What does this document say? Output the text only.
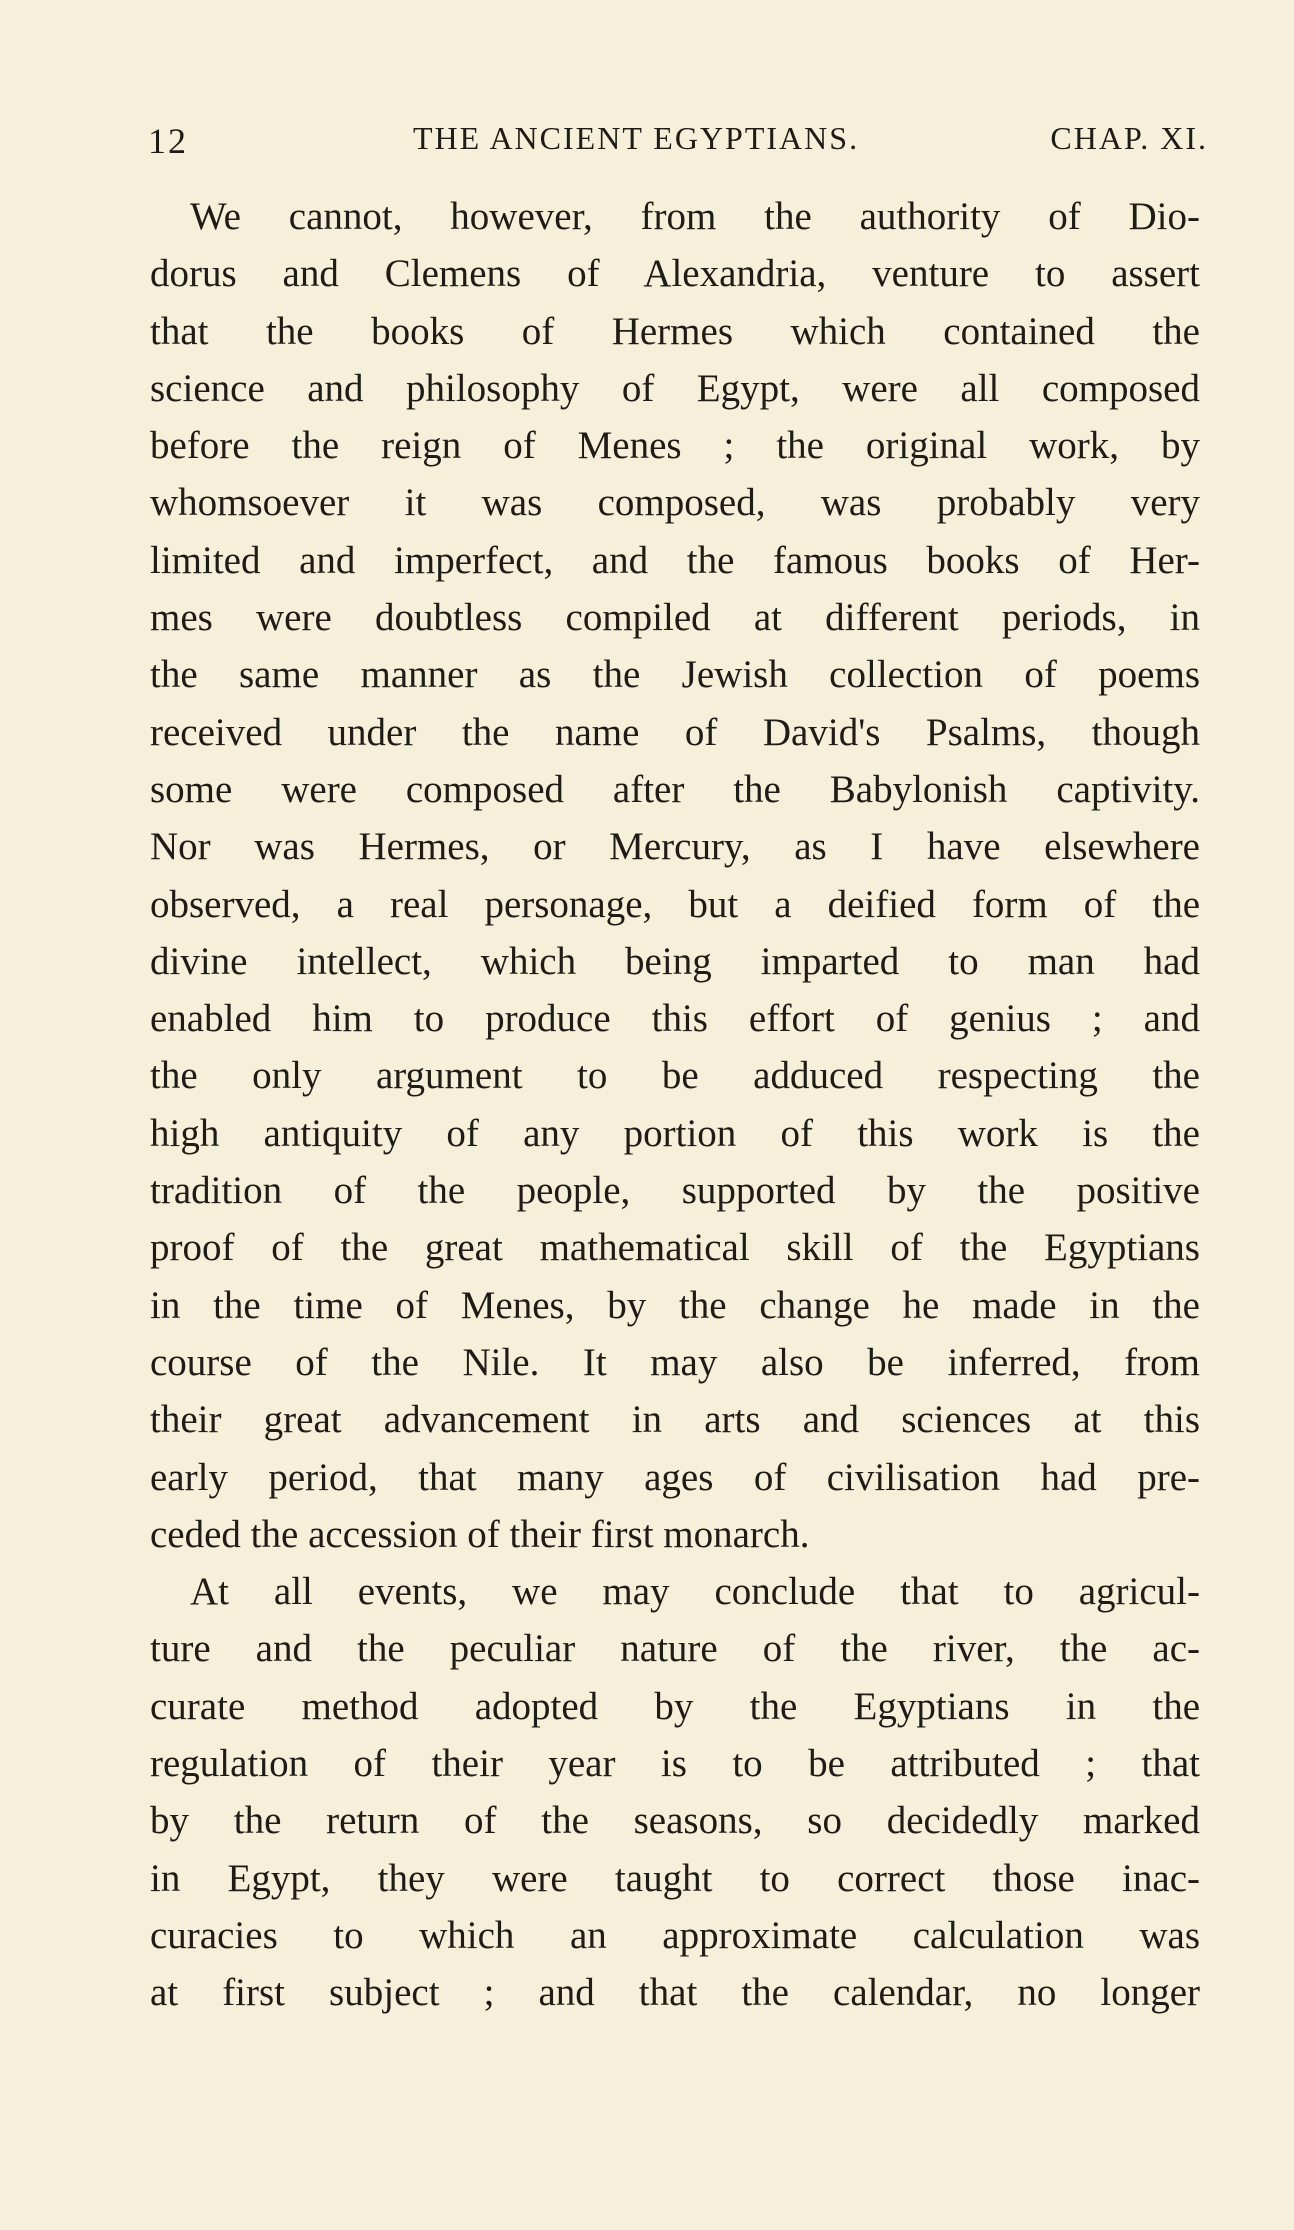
12	THE ANCIENT EGYPTIANS.	CHAP. XI.
We cannot, however, from the authority of Dio-
dorus and Clemens of Alexandria, venture to assert
that the books of Hermes which contained the
science and philosophy of Egypt, were all composed
before the reign of Menes ; the original work, by
whomsoever it was composed, was probably very
limited and imperfect, and the famous books of Her-
mes were doubtless compiled at different periods, in
the same manner as the Jewish collection of poems
received under the name of David's Psalms, though
some were composed after the Babylonish captivity.
Nor was Hermes, or Mercury, as I have elsewhere
observed, a real personage, but a deified form of the
divine intellect, which being imparted to man had
enabled him to produce this effort of genius ; and
the only argument to be adduced respecting the
high antiquity of any portion of this work is the
tradition of the people, supported by the positive
proof of the great mathematical skill of the Egyptians
in the time of Menes, by the change he made in the
course of the Nile. It may also be inferred, from
their great advancement in arts and sciences at this
early period, that many ages of civilisation had pre-
ceded the accession of their first monarch.
At all events, we may conclude that to agricul-
ture and the peculiar nature of the river, the ac-
curate method adopted by the Egyptians in the
regulation of their year is to be attributed ; that
by the return of the seasons, so decidedly marked
in Egypt, they were taught to correct those inac-
curacies to which an approximate calculation was
at first subject ; and that the calendar, no longer
